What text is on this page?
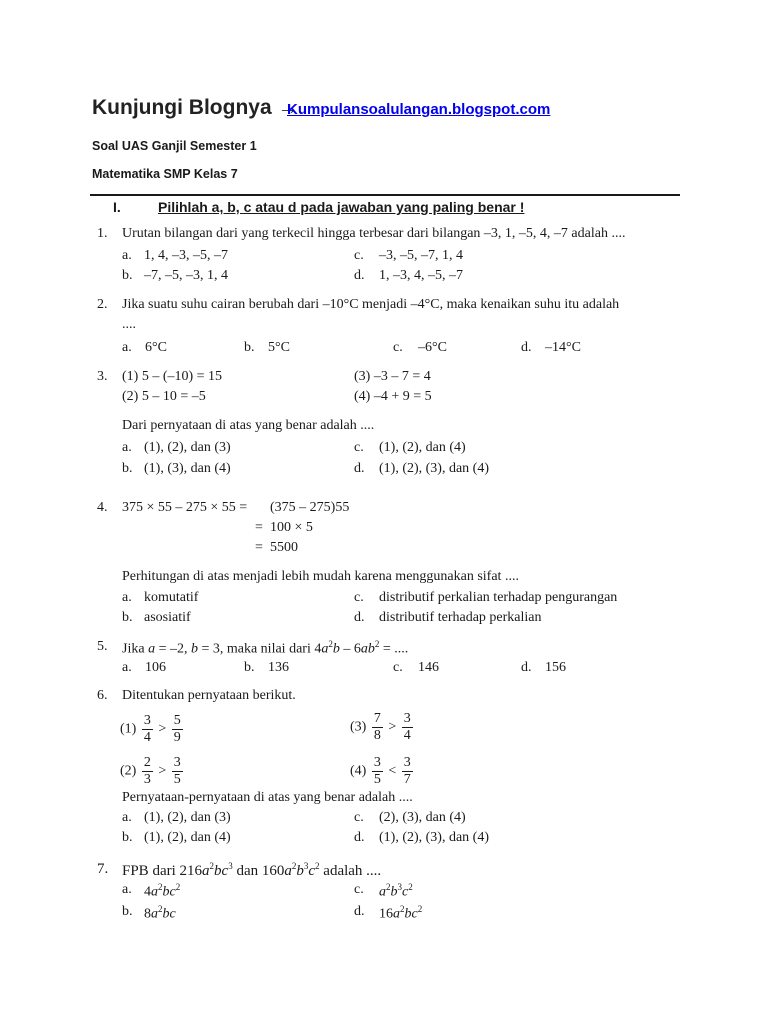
Kunjungi Blognya →
Kumpulansoalulangan.blogspot.com
Soal UAS Ganjil Semester 1
Matematika SMP Kelas 7
I.	Pilihlah a, b, c atau d pada jawaban yang paling benar !
1. Urutan bilangan dari yang terkecil hingga terbesar dari bilangan –3, 1, –5, 4, –7 adalah ....
a. 1, 4, –3, –5, –7
b. –7, –5, –3, 1, 4
c. –3, –5, –7, 1, 4
d. 1, –3, 4, –5, –7
2. Jika suatu suhu cairan berubah dari –10°C menjadi –4°C, maka kenaikan suhu itu adalah
....
a. 6°C	b. 5°C	c. –6°C	d. –14°C
3. (1) 5 – (–10) = 15
(2) 5 – 10 = –5
(3) –3 – 7 = 4
(4) –4 + 9 = 5
Dari pernyataan di atas yang benar adalah ....
a. (1), (2), dan (3)
b. (1), (3), dan (4)
c. (1), (2), dan (4)
d. (1), (2), (3), dan (4)
4. 375 × 55 – 275 × 55 = (375 – 275)55
= 100 × 5
= 5500
Perhitungan di atas menjadi lebih mudah karena menggunakan sifat ....
a. komutatif
b. asosiatif
c. distributif perkalian terhadap pengurangan
d. distributif terhadap perkalian
5. Jika a = –2, b = 3, maka nilai dari $4a^2b - 6ab^2$ = ....
a. 106	b. 136	c. 146	d. 156
6. Ditentukan pernyataan berikut.
$(1) \frac{3}{4} > \frac{5}{9}$	$(3) \frac{7}{8} > \frac{3}{4}$
$(2) \frac{2}{3} > \frac{3}{5}$	$(4) \frac{3}{5} < \frac{3}{7}$
Pernyataan-pernyataan di atas yang benar adalah ....
a. (1), (2), dan (3)
b. (1), (2), dan (4)
c. (2), (3), dan (4)
d. (1), (2), (3), dan (4)
7. FPB dari $216a^2bc^3$ dan $160a^2b^3c^2$ adalah ....
a. $4a^2bc^2$
b. $8a^2bc$
c. $a^2b^3c^2$
d. $16a^2bc^2$
